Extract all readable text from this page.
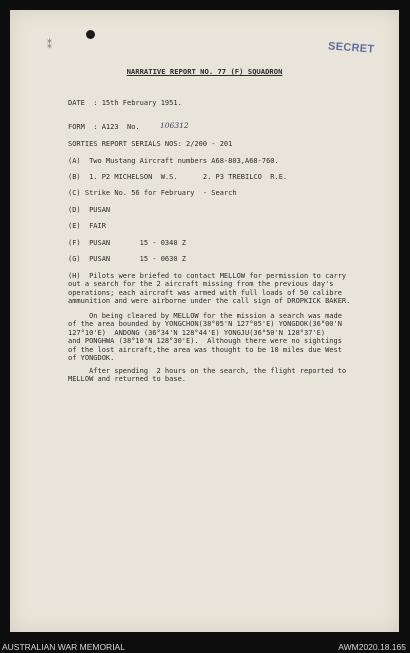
⁑	SECRET
NARRATIVE REPORT NO. 77 (F) SQUADRON
DATE  : 15th February 1951.
FORM  : A123  No.	106312
SORTIES REPORT SERIALS NOS: 2/200 - 201
(A)  Two Mustang Aircraft numbers A68-803,A68-760.
(B)  1. P2 MICHELSON  W.S.      2. P3 TREBILCO  R.E.
(C) Strike No. 56 for February  - Search
(D)  PUSAN
(E)  FAIR
(F)  PUSAN       15 - 0340 Z
(G)  PUSAN       15 - 0630 Z
(H)  Pilots were briefed to contact MELLOW for permission to carry
out a search for the 2 aircraft missing from the previous day's
operations; each aircraft was armed with full loads of 50 calibre
ammunition and were airborne under the call sign of DROPKICK BAKER.
On being cleared by MELLOW for the mission a search was made
of the area bounded by YONGCHON(38°05'N 127°05'E) YONGDOK(36°00'N
127°10'E)  ANDONG (36°34'N 128°44'E) YONGJU(36°50'N 128°37'E)
and PONGHWA (38°10'N 128°30'E).  Although there were no sightings
of the lost aircraft,the area was thought to be 10 miles due West
of YONGDOK.
After spending  2 hours on the search, the flight reported to
MELLOW and returned to base.
AUSTRALIAN WAR MEMORIAL	AWM2020.18.165
